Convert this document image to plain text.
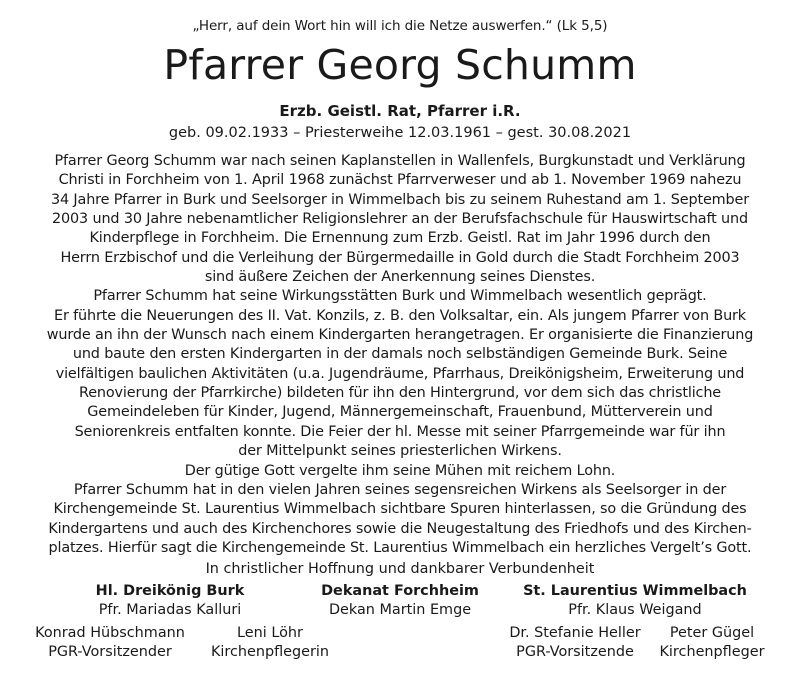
„Herr, auf dein Wort hin will ich die Netze auswerfen.“ (Lk 5,5)
Pfarrer Georg Schumm
Erzb. Geistl. Rat, Pfarrer i.R.
geb. 09.02.1933 – Priesterweihe 12.03.1961 – gest. 30.08.2021

Pfarrer Georg Schumm war nach seinen Kaplanstellen in Wallenfels, Burgkunstadt und Verklärung

Christi in Forchheim von 1. April 1968 zunächst Pfarrverweser und ab 1. November 1969 nahezu

34 Jahre Pfarrer in Burk und Seelsorger in Wimmelbach bis zu seinem Ruhestand am 1. September

2003 und 30 Jahre nebenamtlicher Religionslehrer an der Berufsfachschule für Hauswirtschaft und

Kinderpflege in Forchheim. Die Ernennung zum Erzb. Geistl. Rat im Jahr 1996 durch den

Herrn Erzbischof und die Verleihung der Bürgermedaille in Gold durch die Stadt Forchheim 2003

sind äußere Zeichen der Anerkennung seines Dienstes.

Pfarrer Schumm hat seine Wirkungsstätten Burk und Wimmelbach wesentlich geprägt.

Er führte die Neuerungen des II. Vat. Konzils, z. B. den Volksaltar, ein. Als jungem Pfarrer von Burk

wurde an ihn der Wunsch nach einem Kindergarten herangetragen. Er organisierte die Finanzierung

und baute den ersten Kindergarten in der damals noch selbständigen Gemeinde Burk. Seine

vielfältigen baulichen Aktivitäten (u.a. Jugendräume, Pfarrhaus, Dreikönigsheim, Erweiterung und

Renovierung der Pfarrkirche) bildeten für ihn den Hintergrund, vor dem sich das christliche

Gemeindeleben für Kinder, Jugend, Männergemeinschaft, Frauenbund, Mütterverein und

Seniorenkreis entfalten konnte. Die Feier der hl. Messe mit seiner Pfarrgemeinde war für ihn

der Mittelpunkt seines priesterlichen Wirkens.

Der gütige Gott vergelte ihm seine Mühen mit reichem Lohn.

Pfarrer Schumm hat in den vielen Jahren seines segensreichen Wirkens als Seelsorger in der

Kirchengemeinde St. Laurentius Wimmelbach sichtbare Spuren hinterlassen, so die Gründung des

Kindergartens und auch des Kirchenchores sowie die Neugestaltung des Friedhofs und des Kirchen-

platzes. Hierfür sagt die Kirchengemeinde St. Laurentius Wimmelbach ein herzliches Vergelt’s Gott.

In christlicher Hoffnung und dankbarer Verbundenheit
Hl. Dreikönig Burk
Pfr. Mariadas Kalluri
Konrad Hübschmann
PGR-Vorsitzender
Leni Löhr
Kirchenpflegerin
Dekanat Forchheim
Dekan Martin Emge
St. Laurentius Wimmelbach
Pfr. Klaus Weigand
Dr. Stefanie Heller
PGR-Vorsitzende
Peter Gügel
Kirchenpfleger
